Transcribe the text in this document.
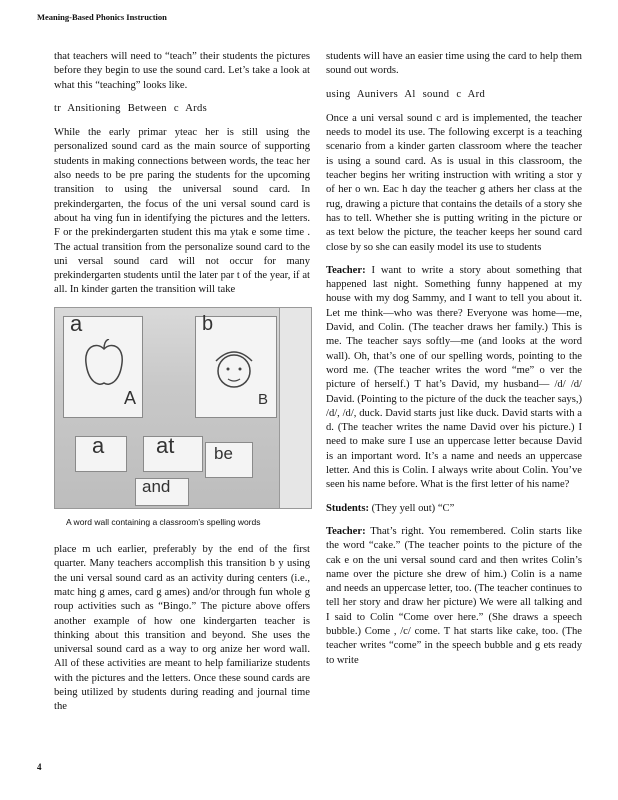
Meaning-Based Phonics Instruction

that teachers will need to “teach” their students the pictures before they begin to use the sound card. Let’s take a look at what this “teaching” looks like.

tr Ansitioning Between c Ards

While the early primar yteac her is still using the personalized sound card as the main source of supporting students in making connections between words, the teac her also needs to be pre paring the students for the upcoming transition to using the universal sound card. In prekindergarten, the focus of the uni versal sound card is about ha ving fun in identifying the pictures and the letters. F or the prekindergarten student this ma ytak e some time . The actual transition from the personalize sound card to the uni versal sound card will not occur for many prekindergarten students until the later par t of the year, if at all. In kinder garten the transition will take

a
A
b
B
a at be
and

A word wall containing a classroom’s spelling words

place m uch earlier, preferably by the end of the first quarter. Many teachers accomplish this transition b y using the uni versal sound card as an activity during centers (i.e., matc hing g ames, card g ames) and/or through fun whole g roup activities such as “Bingo.” The picture above offers another example of how one kindergarten teacher is thinking about this transition and beyond. She uses the universal sound card as a way to org anize her word wall. All of these activities are meant to help familiarize students with the pictures and the letters. Once these sound cards are being utilized by students during reading and journal time the

students will have an easier time using the card to help them sound out words.

using Aunivers Al sound c Ard

Once a uni versal sound c ard is implemented, the teacher needs to model its use. The following excerpt is a teaching scenario from a kinder garten classroom where the teacher is using a sound card. As is usual in this classroom, the teacher begins her writing instruction with writing a stor y of her o wn. Eac h day the teacher g athers her class at the rug, drawing a picture that contains the details of a story she has to tell. Whether she is putting writing in the picture or as text below the picture, the teacher keeps her sound card close by so she can easily model its use to students

Teacher: I want to write a story about something that happened last night. Something funny happened at my house with my dog Sammy, and I want to tell you about it. Let me think—who was there? Everyone was home—me, David, and Colin. (The teacher draws her family.) This is me. The teacher says softly—me (and looks at the word wall). Oh, that’s one of our spelling words, pointing to the word me. (The teacher writes the word “me” o ver the picture of herself.) T hat’s David, my husband— /d/ /d/ David. (Pointing to the picture of the duck the teacher says,) /d/, /d/, duck. David starts just like duck. David starts with a d. (The teacher writes the name David over his picture.) I need to make sure I use an uppercase letter because David is an important word. It’s a name and needs an uppercase letter. And this is Colin. I always write about Colin. You’ve seen his name before. What is the first letter of his name?

Students: (They yell out) “C”

Teacher: That’s right. You remembered. Colin starts like the word “cake.” (The teacher points to the picture of the cak e on the uni versal sound card and then writes Colin’s name over the picture she drew of him.) Colin is a name and needs an uppercase letter, too. (The teacher continues to tell her story and draw her picture) We were all talking and I said to Colin “Come over here.” (She draws a speech bubble.) Come , /c/ come. T hat starts like cake, too. (The teacher writes “come” in the speech bubble and g ets ready to write

4
